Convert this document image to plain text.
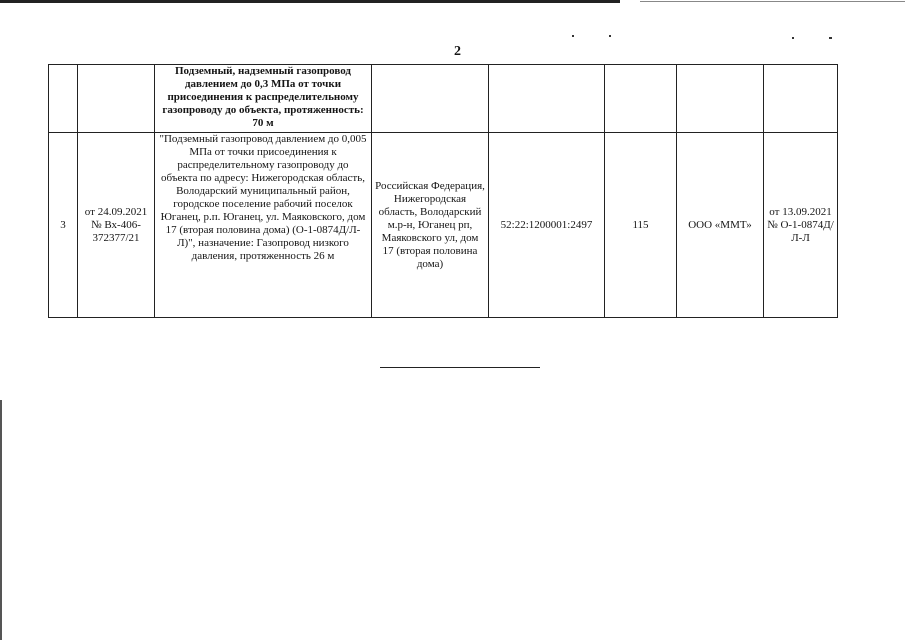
2
		Подземный, надземный газопровод давлением до 0,3 МПа от точки присоединения к распределительному газопроводу до объекта, протяженность: 70 м					
3	от 24.09.2021 № Вх-406-372377/21	"Подземный газопровод давлением до 0,005 МПа от точки присоединения к распределительному газопроводу до объекта по адресу: Нижегородская область, Володарский муниципальный район, городское поселение рабочий поселок Юганец, р.п. Юганец, ул. Маяковского, дом 17 (вторая половина дома) (О-1-0874Д/Л-Л)", назначение: Газопровод низкого давления, протяженность 26 м	Российская Федерация, Нижегородская область, Володарский м.р-н, Юганец рп, Маяковского ул, дом 17 (вторая половина дома)	52:22:1200001:2497	115	ООО «ММТ»	от 13.09.2021 № О-1-0874Д/Л-Л
